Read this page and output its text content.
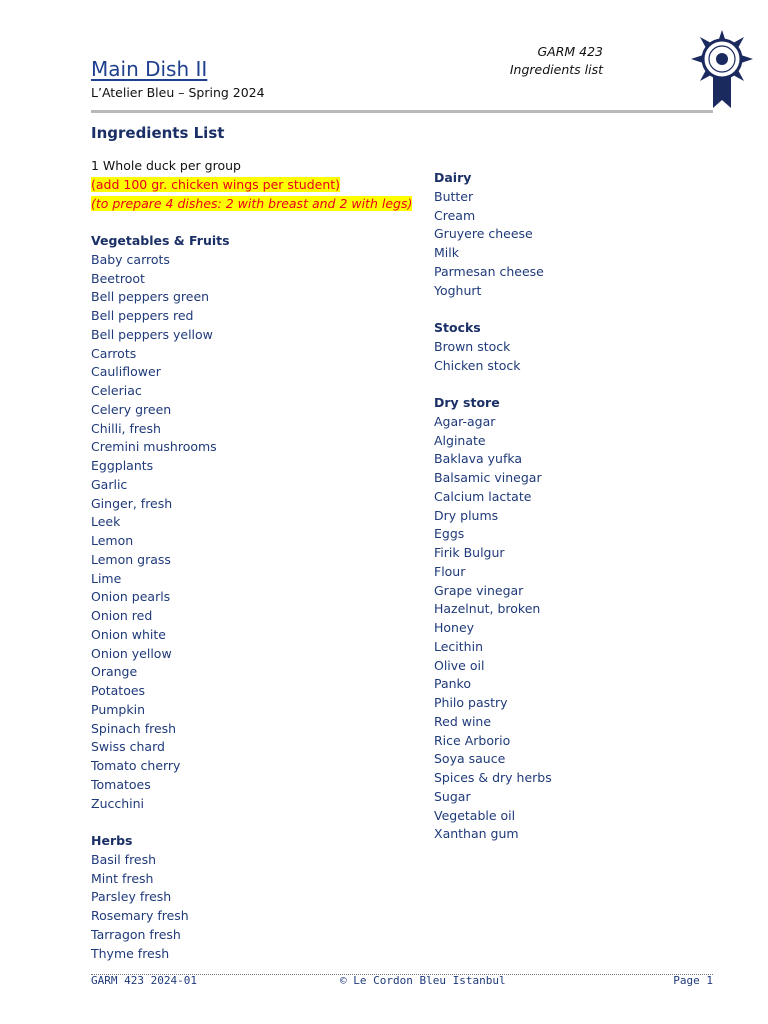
GARM 423
Ingredients list
Main Dish II
L’Atelier Bleu – Spring 2024
Ingredients List
1 Whole duck per group
(add 100 gr. chicken wings per student)
(to prepare 4 dishes: 2 with breast and 2 with legs)
Vegetables & Fruits
Baby carrots
Beetroot
Bell peppers green
Bell peppers red
Bell peppers yellow
Carrots
Cauliflower
Celeriac
Celery green
Chilli, fresh
Cremini mushrooms
Eggplants
Garlic
Ginger, fresh
Leek
Lemon
Lemon grass
Lime
Onion pearls
Onion red
Onion white
Onion yellow
Orange
Potatoes
Pumpkin
Spinach fresh
Swiss chard
Tomato cherry
Tomatoes
Zucchini
Herbs
Basil fresh
Mint fresh
Parsley fresh
Rosemary fresh
Tarragon fresh
Thyme fresh
Dairy
Butter
Cream
Gruyere cheese
Milk
Parmesan cheese
Yoghurt
Stocks
Brown stock
Chicken stock
Dry store
Agar-agar
Alginate
Baklava yufka
Balsamic vinegar
Calcium lactate
Dry plums
Eggs
Firik Bulgur
Flour
Grape vinegar
Hazelnut, broken
Honey
Lecithin
Olive oil
Panko
Philo pastry
Red wine
Rice Arborio
Soya sauce
Spices & dry herbs
Sugar
Vegetable oil
Xanthan gum
GARM 423 2024-01	© Le Cordon Bleu Istanbul	Page 1
